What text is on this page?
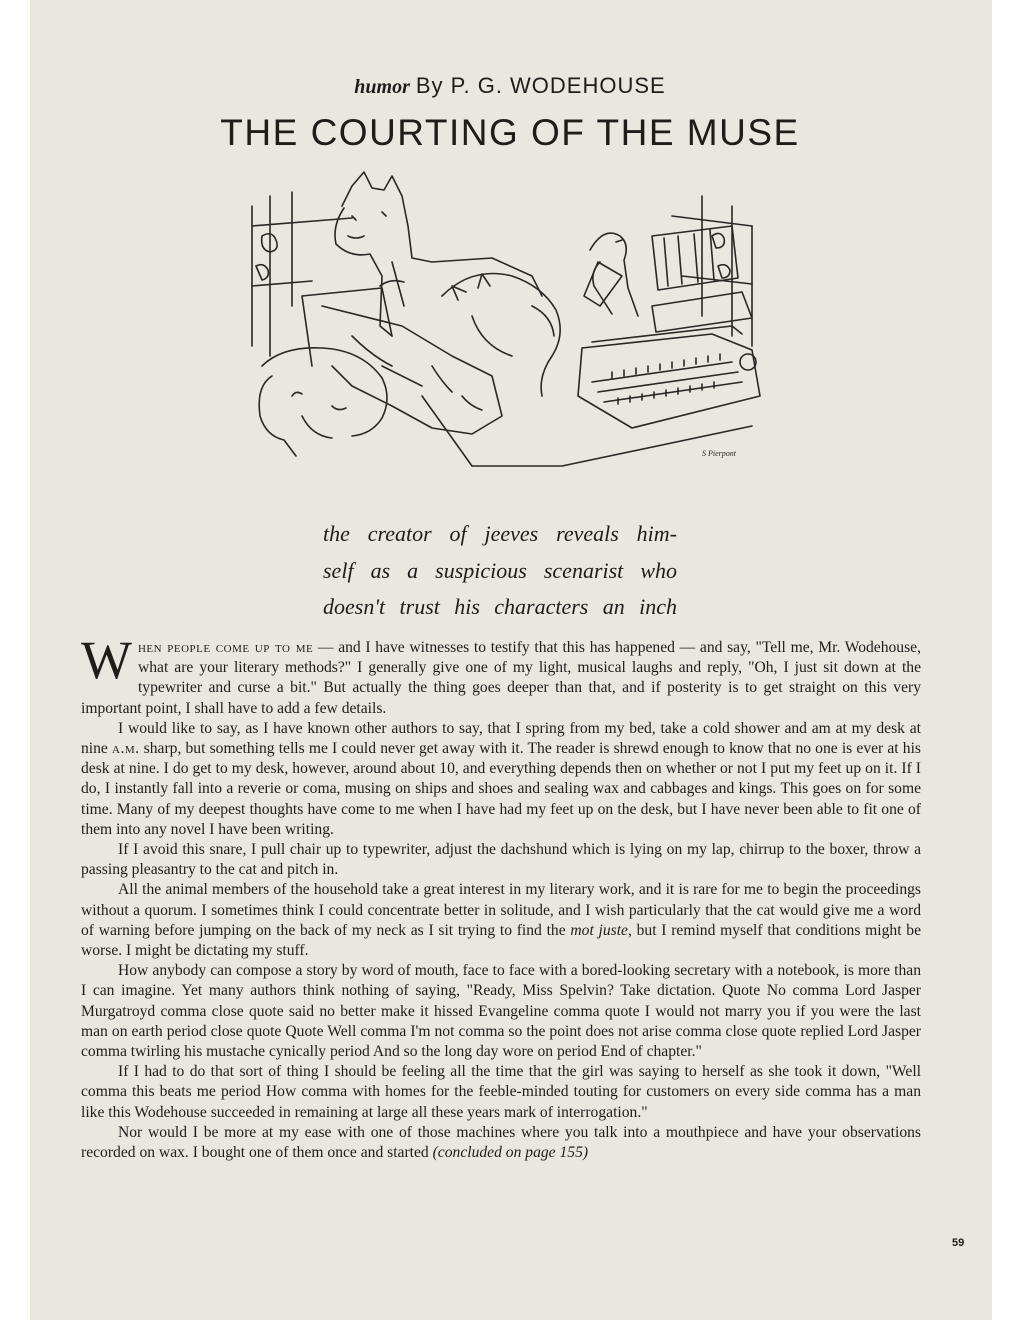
humor By P. G. WODEHOUSE
THE COURTING OF THE MUSE
S Pierpont
the creator of jeeves reveals him-
self as a suspicious scenarist who
doesn't trust his characters an inch

When people come up to me — and I have witnesses to testify that this has happened — and say, "Tell me, Mr. Wodehouse, what are your literary methods?" I generally give one of my light, musical laughs and reply, "Oh, I just sit down at the typewriter and curse a bit." But actually the thing goes deeper than that, and if posterity is to get straight on this very important point, I shall have to add a few details.

I would like to say, as I have known other authors to say, that I spring from my bed, take a cold shower and am at my desk at nine a.m. sharp, but something tells me I could never get away with it. The reader is shrewd enough to know that no one is ever at his desk at nine. I do get to my desk, however, around about 10, and everything depends then on whether or not I put my feet up on it. If I do, I instantly fall into a reverie or coma, musing on ships and shoes and sealing wax and cabbages and kings. This goes on for some time. Many of my deepest thoughts have come to me when I have had my feet up on the desk, but I have never been able to fit one of them into any novel I have been writing.

If I avoid this snare, I pull chair up to typewriter, adjust the dachshund which is lying on my lap, chirrup to the boxer, throw a passing pleasantry to the cat and pitch in.

All the animal members of the household take a great interest in my literary work, and it is rare for me to begin the proceedings without a quorum. I sometimes think I could concentrate better in solitude, and I wish particularly that the cat would give me a word of warning before jumping on the back of my neck as I sit trying to find the mot juste, but I remind myself that conditions might be worse. I might be dictating my stuff.

How anybody can compose a story by word of mouth, face to face with a bored-looking secretary with a notebook, is more than I can imagine. Yet many authors think nothing of saying, "Ready, Miss Spelvin? Take dictation. Quote No comma Lord Jasper Murgatroyd comma close quote said no better make it hissed Evangeline comma quote I would not marry you if you were the last man on earth period close quote Quote Well comma I'm not comma so the point does not arise comma close quote replied Lord Jasper comma twirling his mustache cynically period And so the long day wore on period End of chapter."

If I had to do that sort of thing I should be feeling all the time that the girl was saying to herself as she took it down, "Well comma this beats me period How comma with homes for the feeble-minded touting for customers on every side comma has a man like this Wodehouse succeeded in remaining at large all these years mark of interrogation."

Nor would I be more at my ease with one of those machines where you talk into a mouthpiece and have your observations recorded on wax. I bought one of them once and started (concluded on page 155)

59
